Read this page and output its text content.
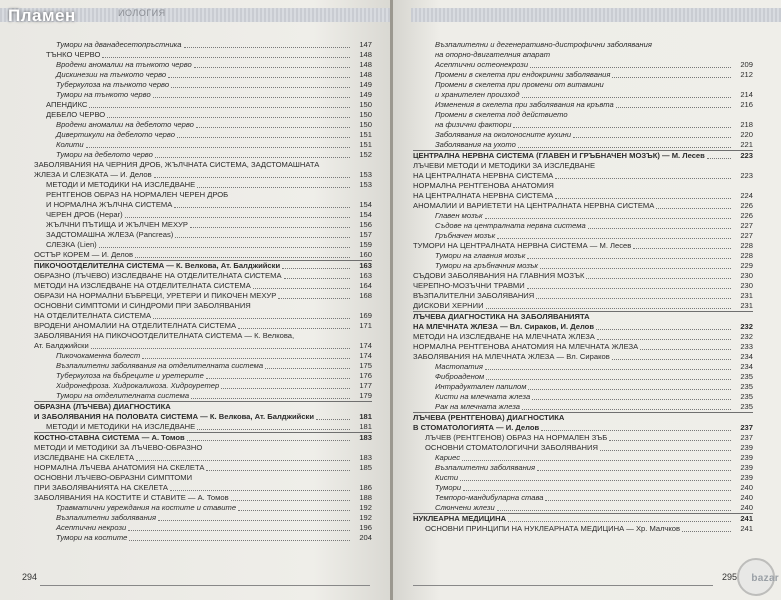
ИОЛОГИЯ
Тумори на дванадесетопръстника	147
ТЪНКО ЧЕРВО	148
Вродени аномалии на тънкото черво	148
Дискинезии на тънкото черво	148
Туберкулоза на тънкото черво	149
Тумори на тънкото черво	149
АПЕНДИКС	150
ДЕБЕЛО ЧЕРВО	150
Вродени аномалии на дебелото черво	150
Дивертикули на дебелото черво	151
Колити	151
Тумори на дебелото черво	152
ЗАБОЛЯВАНИЯ НА ЧЕРНИЯ ДРОБ, ЖЪЛЧНАТА СИСТЕМА, ЗАДСТОМАШНАТА
ЖЛЕЗА И СЛЕЗКАТА — И. Делов	153
МЕТОДИ И МЕТОДИКИ НА ИЗСЛЕДВАНЕ	153
РЕНТГЕНОВ ОБРАЗ НА НОРМАЛЕН ЧЕРЕН ДРОБ
И НОРМАЛНА ЖЪЛЧНА СИСТЕМА	154
ЧЕРЕН ДРОБ (Hepar)	154
ЖЪЛЧНИ ПЪТИЩА И ЖЪЛЧЕН МЕХУР	156
ЗАДСТОМАШНА ЖЛЕЗА (Pancreas)	157
СЛЕЗКА (Lien)	159
ОСТЪР КОРЕМ — И. Делов	160
ПИКОЧООТДЕЛИТЕЛНА СИСТЕМА — К. Велкова, Ат. Балджийски	163
ОБРАЗНО (ЛЪЧЕВО) ИЗСЛЕДВАНЕ НА ОТДЕЛИТЕЛНАТА СИСТЕМА	163
МЕТОДИ НА ИЗСЛЕДВАНЕ НА ОТДЕЛИТЕЛНАТА СИСТЕМА	164
ОБРАЗИ НА НОРМАЛНИ БЪБРЕЦИ, УРЕТЕРИ И ПИКОЧЕН МЕХУР	168
ОСНОВНИ СИМПТОМИ И СИНДРОМИ ПРИ ЗАБОЛЯВАНИЯ
НА ОТДЕЛИТЕЛНАТА СИСТЕМА	169
ВРОДЕНИ АНОМАЛИИ НА ОТДЕЛИТЕЛНАТА СИСТЕМА	171
ЗАБОЛЯВАНИЯ НА ПИКОЧООТДЕЛИТЕЛНАТА СИСТЕМА — К. Велкова,
Ат. Балджийски	174
Пикочокаменна болест	174
Възпалителни заболявания на отделителната система	175
Туберкулоза на бъбреците и уретерите	176
Хидронефроза. Хидрокаликоза. Хидроуретер	177
Тумори на отделителната система	179
ОБРАЗНА (ЛЪЧЕВА) ДИАГНОСТИКА
И ЗАБОЛЯВАНИЯ НА ПОЛОВАТА СИСТЕМА — К. Велкова, Ат. Балджийски	181
МЕТОДИ И МЕТОДИКИ НА ИЗСЛЕДВАНЕ	181
КОСТНО-СТАВНА СИСТЕМА — А. Томов	183
МЕТОДИ И МЕТОДИКИ ЗА ЛЪЧЕВО-ОБРАЗНО
ИЗСЛЕДВАНЕ НА СКЕЛЕТА	183
НОРМАЛНА ЛЪЧЕВА АНАТОМИЯ НА СКЕЛЕТА	185
ОСНОВНИ ЛЪЧЕВО-ОБРАЗНИ СИМПТОМИ
ПРИ ЗАБОЛЯВАНИЯТА НА СКЕЛЕТА	186
ЗАБОЛЯВАНИЯ НА КОСТИТЕ И СТАВИТЕ — А. Томов	188
Травматични увреждания на костите и ставите	192
Възпалителни заболявания	192
Асептични некрози	196
Тумори на костите	204
294
Възпалителни и дегенеративно-дистрофични заболявания
на опорно-двигателния апарат
Асептични остеонекрози	209
Промени в скелета при ендокринни заболявания	212
Промени в скелета при промени от витамини
и хранителен произход	214
Изменения в скелета при заболявания на кръвта	216
Промени в скелета под действието
на физични фактори	218
Заболявания на околоносните кухини	220
Заболявания на ухото	221
ЦЕНТРАЛНА НЕРВНА СИСТЕМА (ГЛАВЕН И ГРЪБНАЧЕН МОЗЪК) — М. Лесев	223
ЛЪЧЕВИ МЕТОДИ И МЕТОДИКИ ЗА ИЗСЛЕДВАНЕ
НА ЦЕНТРАЛНАТА НЕРВНА СИСТЕМА	223
НОРМАЛНА РЕНТГЕНОВА АНАТОМИЯ
НА ЦЕНТРАЛНАТА НЕРВНА СИСТЕМА	224
АНОМАЛИИ И ВАРИЕТЕТИ НА ЦЕНТРАЛНАТА НЕРВНА СИСТЕМА	226
Главен мозък	226
Съдове на централната нервна система	227
Гръбначен мозък	227
ТУМОРИ НА ЦЕНТРАЛНАТА НЕРВНА СИСТЕМА — М. Лесев	228
Тумори на главния мозък	228
Тумори на гръбначния мозък	229
СЪДОВИ ЗАБОЛЯВАНИЯ НА ГЛАВНИЯ МОЗЪК	230
ЧЕРЕПНО-МОЗЪЧНИ ТРАВМИ	230
ВЪЗПАЛИТЕЛНИ ЗАБОЛЯВАНИЯ	231
ДИСКОВИ ХЕРНИИ	231
ЛЪЧЕВА ДИАГНОСТИКА НА ЗАБОЛЯВАНИЯТА
НА МЛЕЧНАТА ЖЛЕЗА — Вл. Сираков, И. Делов	232
МЕТОДИ НА ИЗСЛЕДВАНЕ НА МЛЕЧНАТА ЖЛЕЗА	232
НОРМАЛНА РЕНТГЕНОВА АНАТОМИЯ НА МЛЕЧНАТА ЖЛЕЗА	233
ЗАБОЛЯВАНИЯ НА МЛЕЧНАТА ЖЛЕЗА — Вл. Сираков	234
Мастопатия	234
Фиброаденом	235
Интрадуктален папилом	235
Кисти на млечната жлеза	235
Рак на млечната жлеза	235
ЛЪЧЕВА (РЕНТГЕНОВА) ДИАГНОСТИКА
В СТОМАТОЛОГИЯТА — И. Делов	237
ЛЪЧЕВ (РЕНТГЕНОВ) ОБРАЗ НА НОРМАЛЕН ЗЪБ	237
ОСНОВНИ СТОМАТОЛОГИЧНИ ЗАБОЛЯВАНИЯ	239
Кариес	239
Възпалителни заболявания	239
Кисти	239
Тумори	240
Темпоро-мандибуларна става	240
Слюнчени жлези	240
НУКЛЕАРНА МЕДИЦИНА	241
ОСНОВНИ ПРИНЦИПИ НА НУКЛЕАРНАТА МЕДИЦИНА — Хр. Малчков	241
295 bazar
Пламен
